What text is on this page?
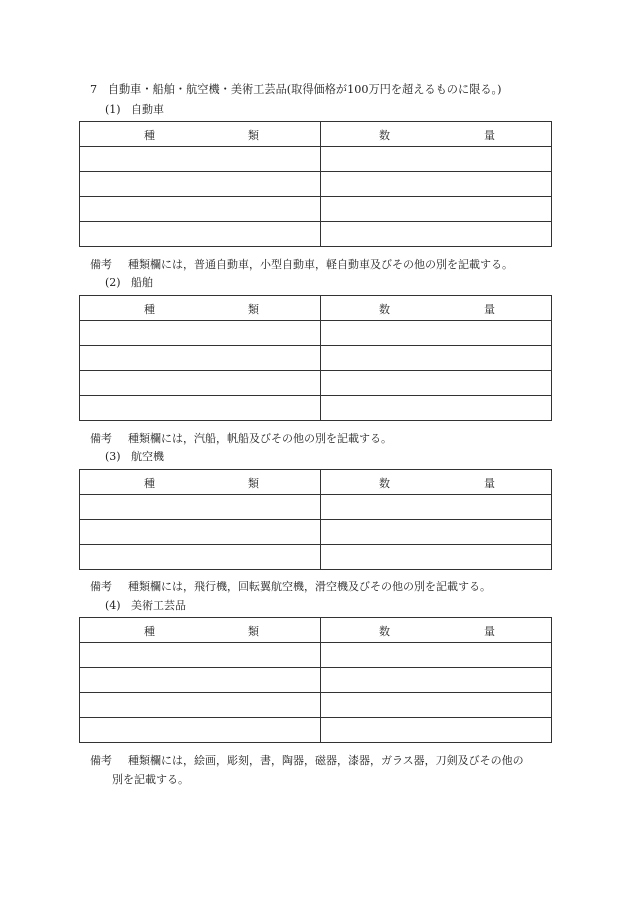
7 自動車・船舶・航空機・美術工芸品(取得価格が100万円を超えるものに限る。)
(1) 自動車
種 類	数 量

備考 種類欄には，普通自動車，小型自動車，軽自動車及びその他の別を記載する。
(2) 船舶
種 類	数 量

備考 種類欄には，汽船，帆船及びその他の別を記載する。
(3) 航空機
種 類	数 量

備考 種類欄には，飛行機，回転翼航空機，滑空機及びその他の別を記載する。
(4) 美術工芸品
種 類	数 量

備考 種類欄には，絵画，彫刻，書，陶器，磁器，漆器，ガラス器，刀剣及びその他の
別を記載する。
